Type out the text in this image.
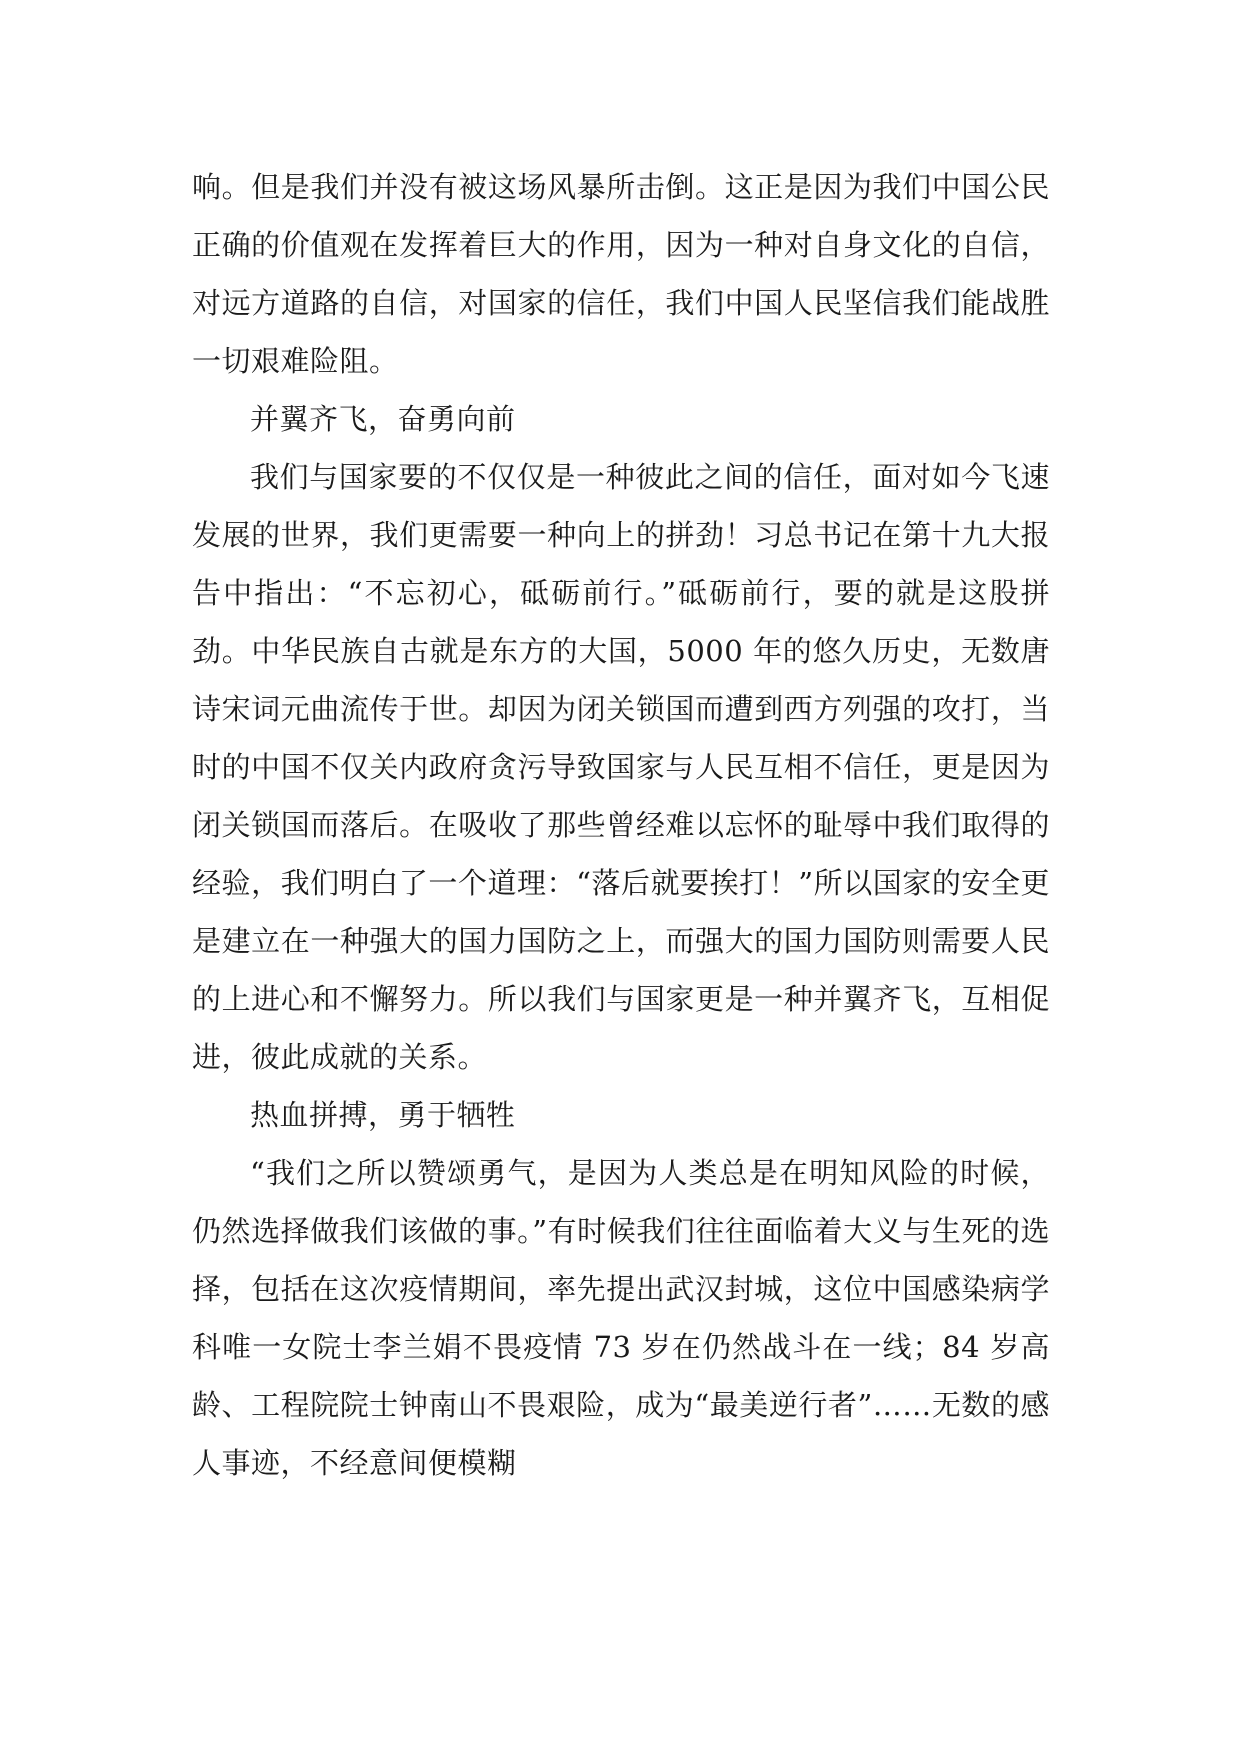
响。但是我们并没有被这场风暴所击倒。这正是因为我们中国公民正确的价值观在发挥着巨大的作用，因为一种对自身文化的自信，对远方道路的自信，对国家的信任，我们中国人民坚信我们能战胜一切艰难险阻。

并翼齐飞，奋勇向前

我们与国家要的不仅仅是一种彼此之间的信任，面对如今飞速发展的世界，我们更需要一种向上的拼劲！习总书记在第十九大报告中指出：“不忘初心，砥砺前行。”砥砺前行，要的就是这股拼劲。中华民族自古就是东方的大国，5000 年的悠久历史，无数唐诗宋词元曲流传于世。却因为闭关锁国而遭到西方列强的攻打，当时的中国不仅关内政府贪污导致国家与人民互相不信任，更是因为闭关锁国而落后。在吸收了那些曾经难以忘怀的耻辱中我们取得的经验，我们明白了一个道理：“落后就要挨打！”所以国家的安全更是建立在一种强大的国力国防之上，而强大的国力国防则需要人民的上进心和不懈努力。所以我们与国家更是一种并翼齐飞，互相促进，彼此成就的关系。

热血拼搏，勇于牺牲

“我们之所以赞颂勇气，是因为人类总是在明知风险的时候，仍然选择做我们该做的事。”有时候我们往往面临着大义与生死的选择，包括在这次疫情期间，率先提出武汉封城，这位中国感染病学科唯一女院士李兰娟不畏疫情 73 岁在仍然战斗在一线；84 岁高龄、工程院院士钟南山不畏艰险，成为“最美逆行者”……无数的感人事迹，不经意间便模糊
